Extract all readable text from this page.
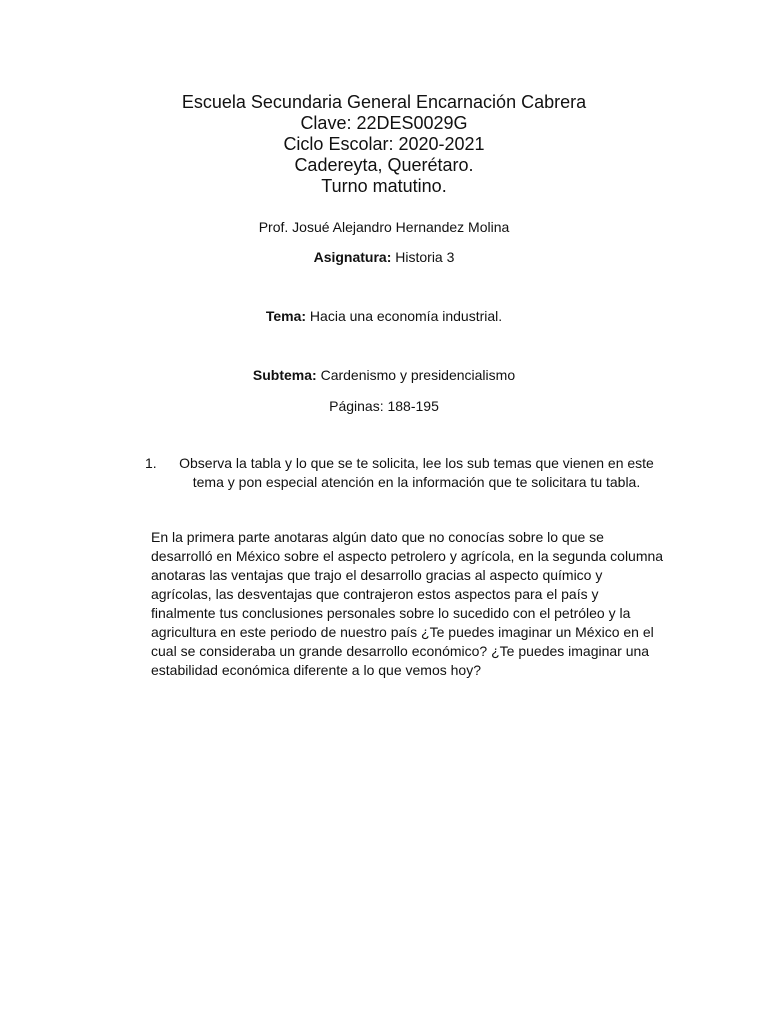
Escuela Secundaria General Encarnación Cabrera
Clave: 22DES0029G
Ciclo Escolar: 2020-2021
Cadereyta, Querétaro.
Turno matutino.
Prof. Josué Alejandro Hernandez Molina
Asignatura: Historia 3
Tema: Hacia una economía industrial.
Subtema: Cardenismo y presidencialismo
Páginas: 188-195
1.	Observa la tabla y lo que se te solicita, lee los sub temas que vienen en este tema y pon especial atención en la información que te solicitara tu tabla.
En la primera parte anotaras algún dato que no conocías sobre lo que se desarrolló en México sobre el aspecto petrolero y agrícola, en la segunda columna anotaras las ventajas que trajo el desarrollo gracias al aspecto químico y agrícolas, las desventajas que contrajeron estos aspectos para el país y finalmente tus conclusiones personales sobre lo sucedido con el petróleo y la agricultura en este periodo de nuestro país ¿Te puedes imaginar un México en el cual se consideraba un grande desarrollo económico? ¿Te puedes imaginar una estabilidad económica diferente a lo que vemos hoy?
